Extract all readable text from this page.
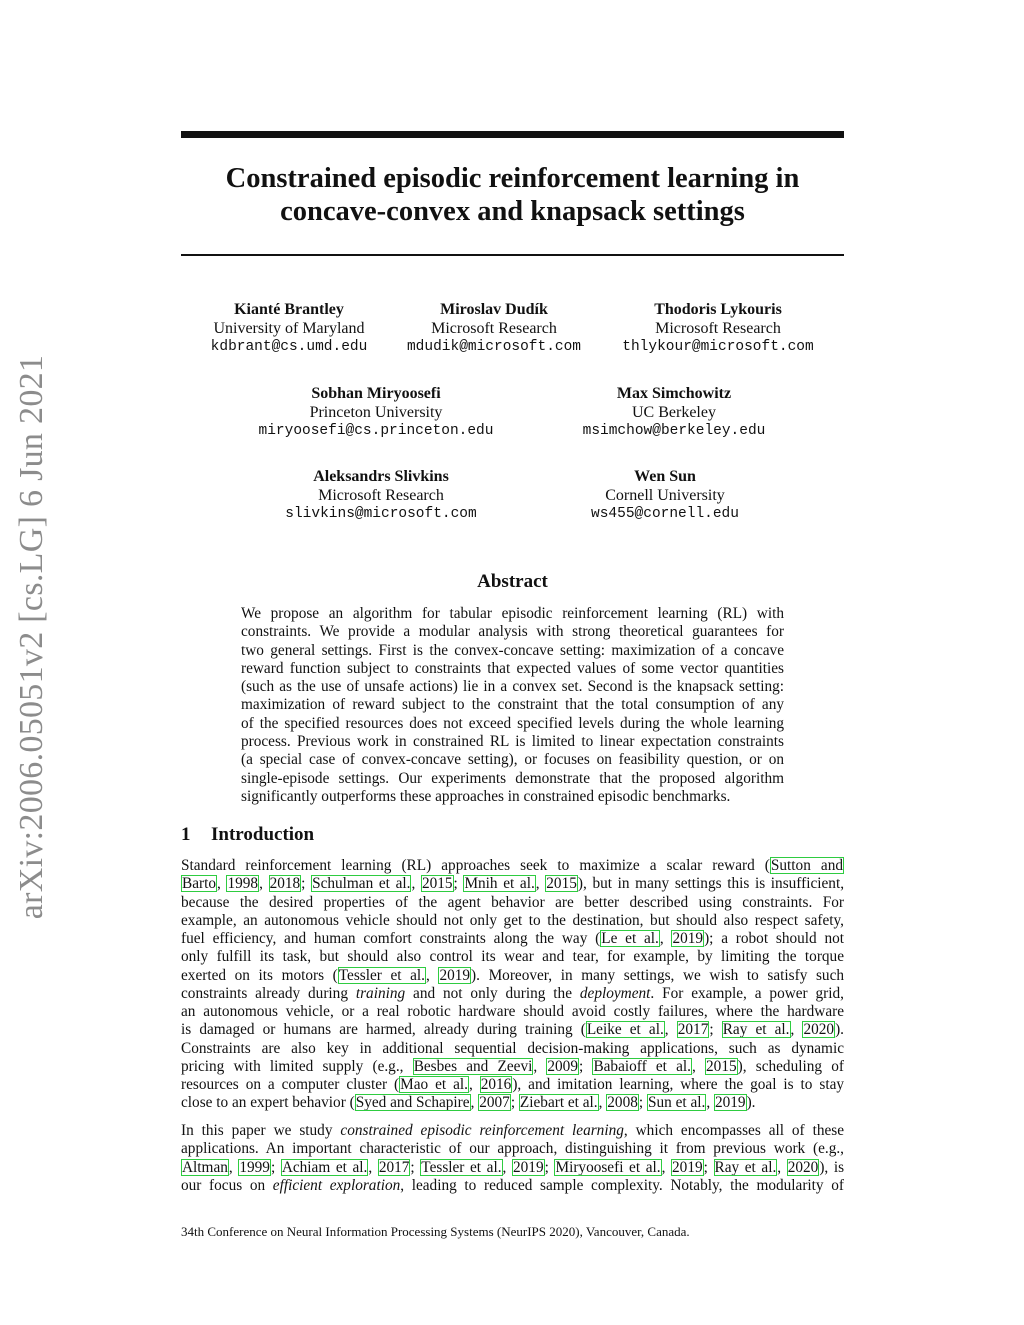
arXiv:2006.05051v2 [cs.LG] 6 Jun 2021
Constrained episodic reinforcement learning in
concave-convex and knapsack settings
Kianté Brantley
University of Maryland
kdbrant@cs.umd.edu
Miroslav Dudík
Microsoft Research
mdudik@microsoft.com
Thodoris Lykouris
Microsoft Research
thlykour@microsoft.com
Sobhan Miryoosefi
Princeton University
miryoosefi@cs.princeton.edu
Max Simchowitz
UC Berkeley
msimchow@berkeley.edu
Aleksandrs Slivkins
Microsoft Research
slivkins@microsoft.com
Wen Sun
Cornell University
ws455@cornell.edu
Abstract
We propose an algorithm for tabular episodic reinforcement learning (RL) with
constraints. We provide a modular analysis with strong theoretical guarantees for
two general settings. First is the convex-concave setting: maximization of a concave
reward function subject to constraints that expected values of some vector quantities
(such as the use of unsafe actions) lie in a convex set. Second is the knapsack setting:
maximization of reward subject to the constraint that the total consumption of any
of the specified resources does not exceed specified levels during the whole learning
process. Previous work in constrained RL is limited to linear expectation constraints
(a special case of convex-concave setting), or focuses on feasibility question, or on
single-episode settings. Our experiments demonstrate that the proposed algorithm
significantly outperforms these approaches in constrained episodic benchmarks.
1 Introduction
Standard reinforcement learning (RL) approaches seek to maximize a scalar reward (Sutton and
Barto, 1998, 2018; Schulman et al., 2015; Mnih et al., 2015), but in many settings this is insufficient,
because the desired properties of the agent behavior are better described using constraints. For
example, an autonomous vehicle should not only get to the destination, but should also respect safety,
fuel efficiency, and human comfort constraints along the way (Le et al., 2019); a robot should not
only fulfill its task, but should also control its wear and tear, for example, by limiting the torque
exerted on its motors (Tessler et al., 2019). Moreover, in many settings, we wish to satisfy such
constraints already during training and not only during the deployment. For example, a power grid,
an autonomous vehicle, or a real robotic hardware should avoid costly failures, where the hardware
is damaged or humans are harmed, already during training (Leike et al., 2017; Ray et al., 2020).
Constraints are also key in additional sequential decision-making applications, such as dynamic
pricing with limited supply (e.g., Besbes and Zeevi, 2009; Babaioff et al., 2015), scheduling of
resources on a computer cluster (Mao et al., 2016), and imitation learning, where the goal is to stay
close to an expert behavior (Syed and Schapire, 2007; Ziebart et al., 2008; Sun et al., 2019).
In this paper we study constrained episodic reinforcement learning, which encompasses all of these
applications. An important characteristic of our approach, distinguishing it from previous work (e.g.,
Altman, 1999; Achiam et al., 2017; Tessler et al., 2019; Miryoosefi et al., 2019; Ray et al., 2020), is
our focus on efficient exploration, leading to reduced sample complexity. Notably, the modularity of
34th Conference on Neural Information Processing Systems (NeurIPS 2020), Vancouver, Canada.
